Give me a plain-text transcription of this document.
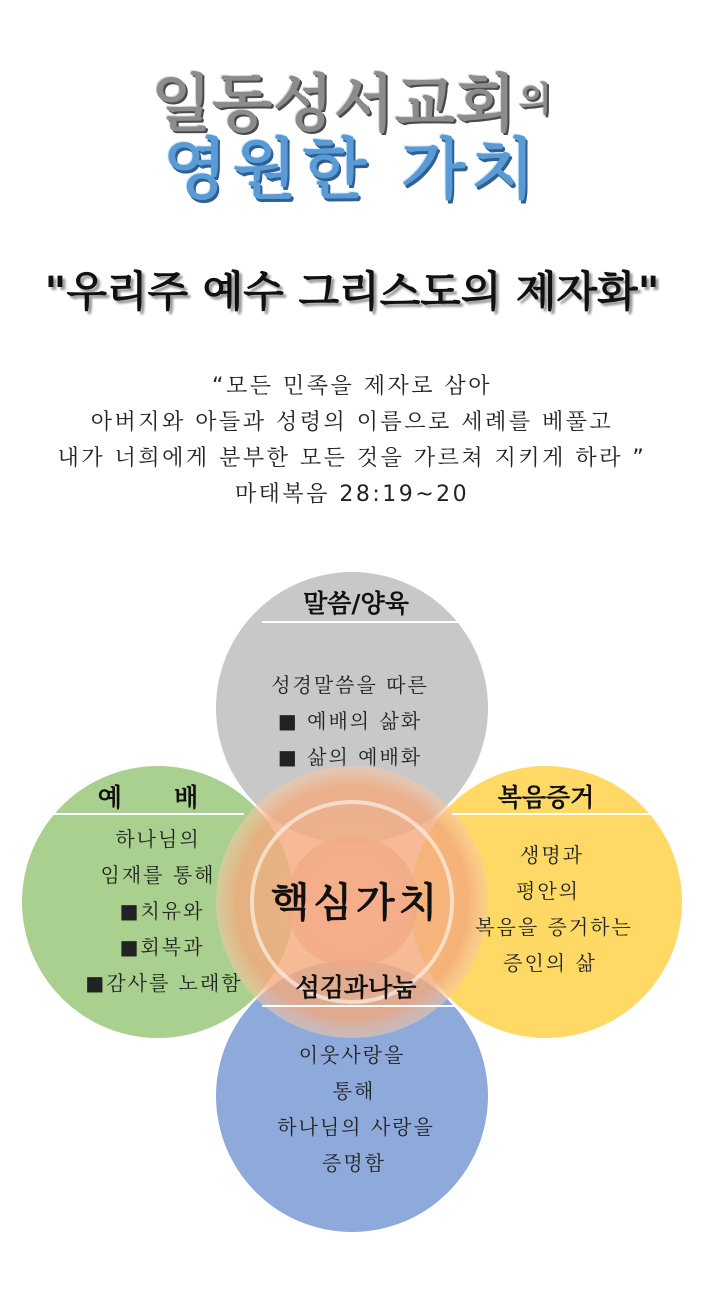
일동성서교회$^의$
영원한 가치
"우리주 예수 그리스도의 제자화"
“모든 민족을 제자로 삼아
아버지와 아들과 성령의 이름으로 세례를 베풀고
내가 너희에게 분부한 모든 것을 가르쳐 지키게 하라 ”
마태복음 28:19~20
말씀/양육
예      배	복음증거
섬김과나눔
성경말씀을 따른
■ 예배의 삶화
■ 삶의 예배화
하나님의
임재를 통해
■치유와
■회복과
■감사를 노래함
생명과
평안의
복음을 증거하는
증인의 삶
이웃사랑을
통해
하나님의 사랑을
증명함
핵심가치
